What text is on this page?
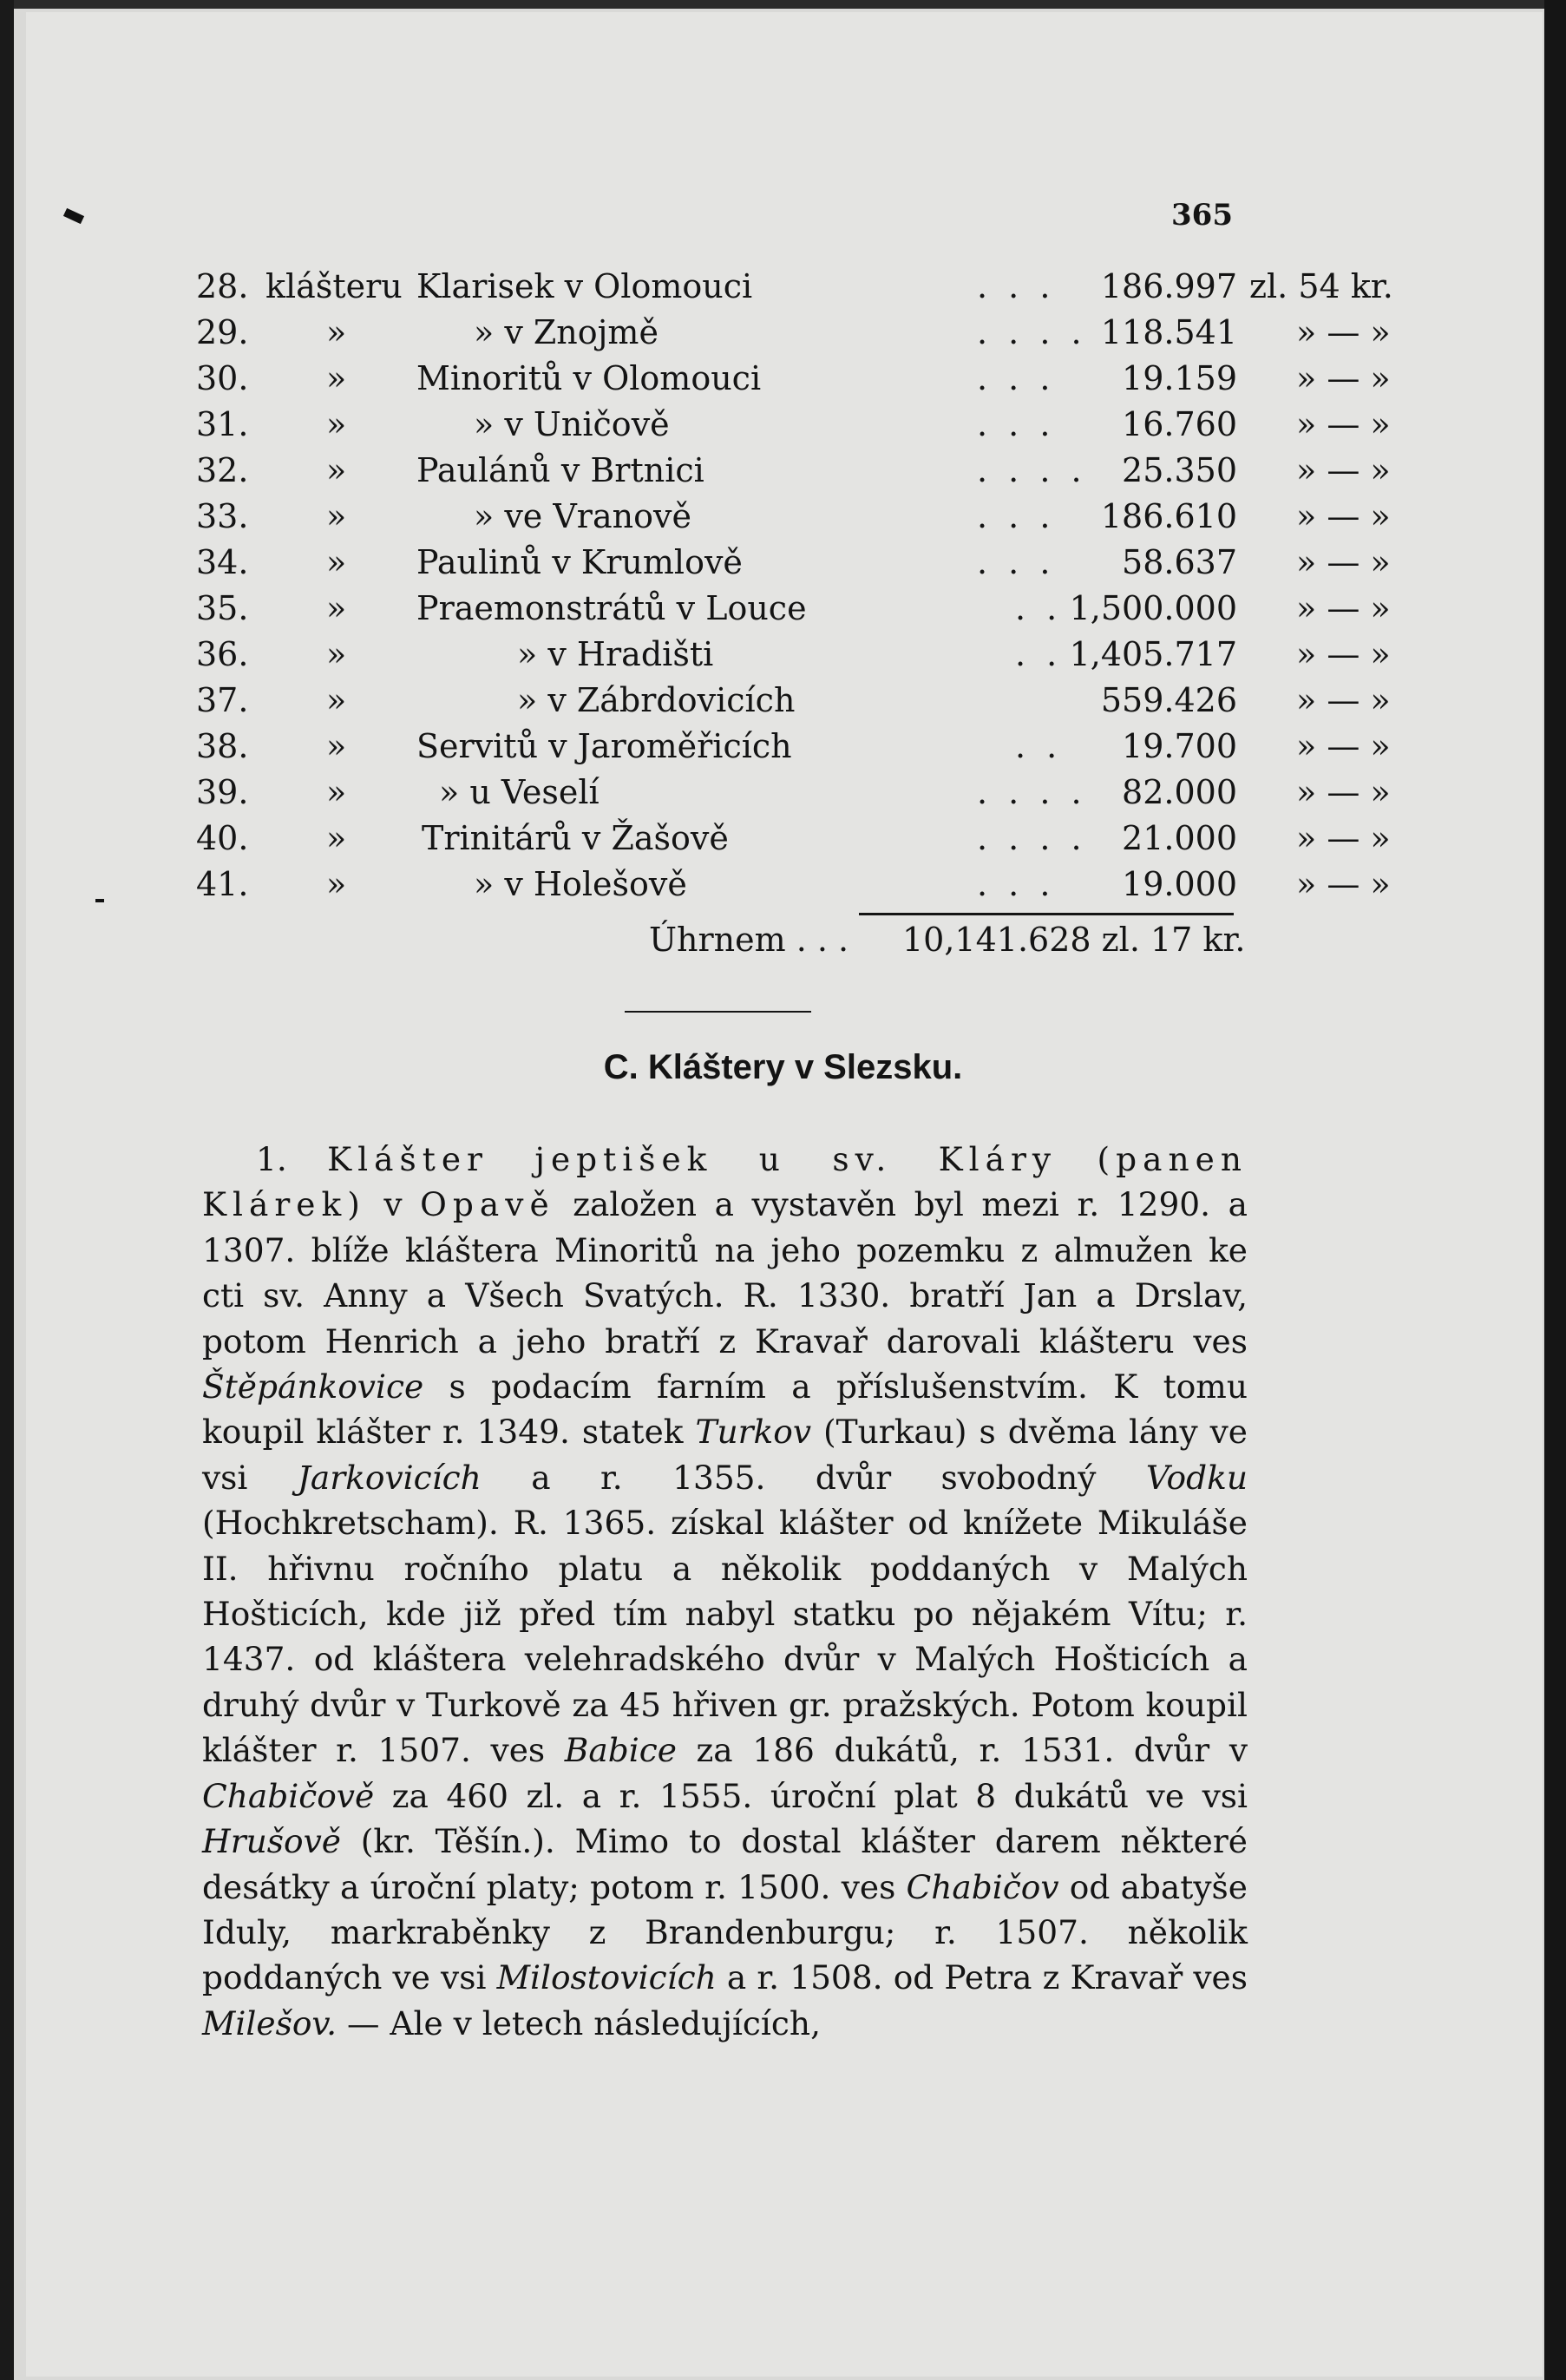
365
28. klášteru Klarisek v Olomouci	. . .	186.997 zl. 54 kr.
29. »	» v Znojmě	. . . . 118.541 » — »
30. » Minoritů v Olomouci	. . .	19.159 » — »
31. »	» v Uničově	. . .	16.760 » — »
32. » Paulánů v Brtnici	. . . .	25.350 » — »
33. »	» ve Vranově	. . .	186.610 » — »
34. » Paulinů v Krumlově	. . .	58.637 » — »
35. » Praemonstrátů v Louce	. . 1,500.000 » — »
36. »	» v Hradišti	. . 1,405.717 » — »
37. »	» v Zábrdovicích	559.426 » — »
38. » Servitů v Jaroměřicích	. .	19.700 » — »
39. »	» u Veselí	. . . .	82.000 » — »
40. » Trinitárů v Žašově	. . . .	21.000 » — »
41. »	» v Holešově	. . .	19.000 » — »
Úhrnem . . . 10,141.628 zl. 17 kr.
C. Kláštery v Slezsku.
1. Klášter jeptišek u sv. Kláry (panen Klárek) v Opavě založen a vystavěn byl mezi r. 1290. a 1307. blíže kláštera Minoritů na jeho pozemku z almužen ke cti sv. Anny a Všech Svatých. R. 1330. bratří Jan a Drslav, potom Henrich a jeho bratří z Kravař darovali klášteru ves Štěpánkovice s podacím farním a příslušenstvím. K tomu koupil klášter r. 1349. statek Turkov (Turkau) s dvěma lány ve vsi Jarkovicích a r. 1355. dvůr svobodný Vodku (Hochkretscham). R. 1365. získal klášter od knížete Mikuláše II. hřivnu ročního platu a několik poddaných v Malých Hošticích, kde již před tím nabyl statku po nějakém Vítu; r. 1437. od kláštera velehradského dvůr v Malých Hošticích a druhý dvůr v Turkově za 45 hřiven gr. pražských. Potom koupil klášter r. 1507. ves Babice za 186 dukátů, r. 1531. dvůr v Chabičově za 460 zl. a r. 1555. úroční plat 8 dukátů ve vsi Hrušově (kr. Těšín.). Mimo to dostal klášter darem některé desátky a úroční platy; potom r. 1500. ves Chabičov od abatyše Iduly, markraběnky z Brandenburgu; r. 1507. několik poddaných ve vsi Milostovicích a r. 1508. od Petra z Kravař ves Milešov. — Ale v letech následujících,
